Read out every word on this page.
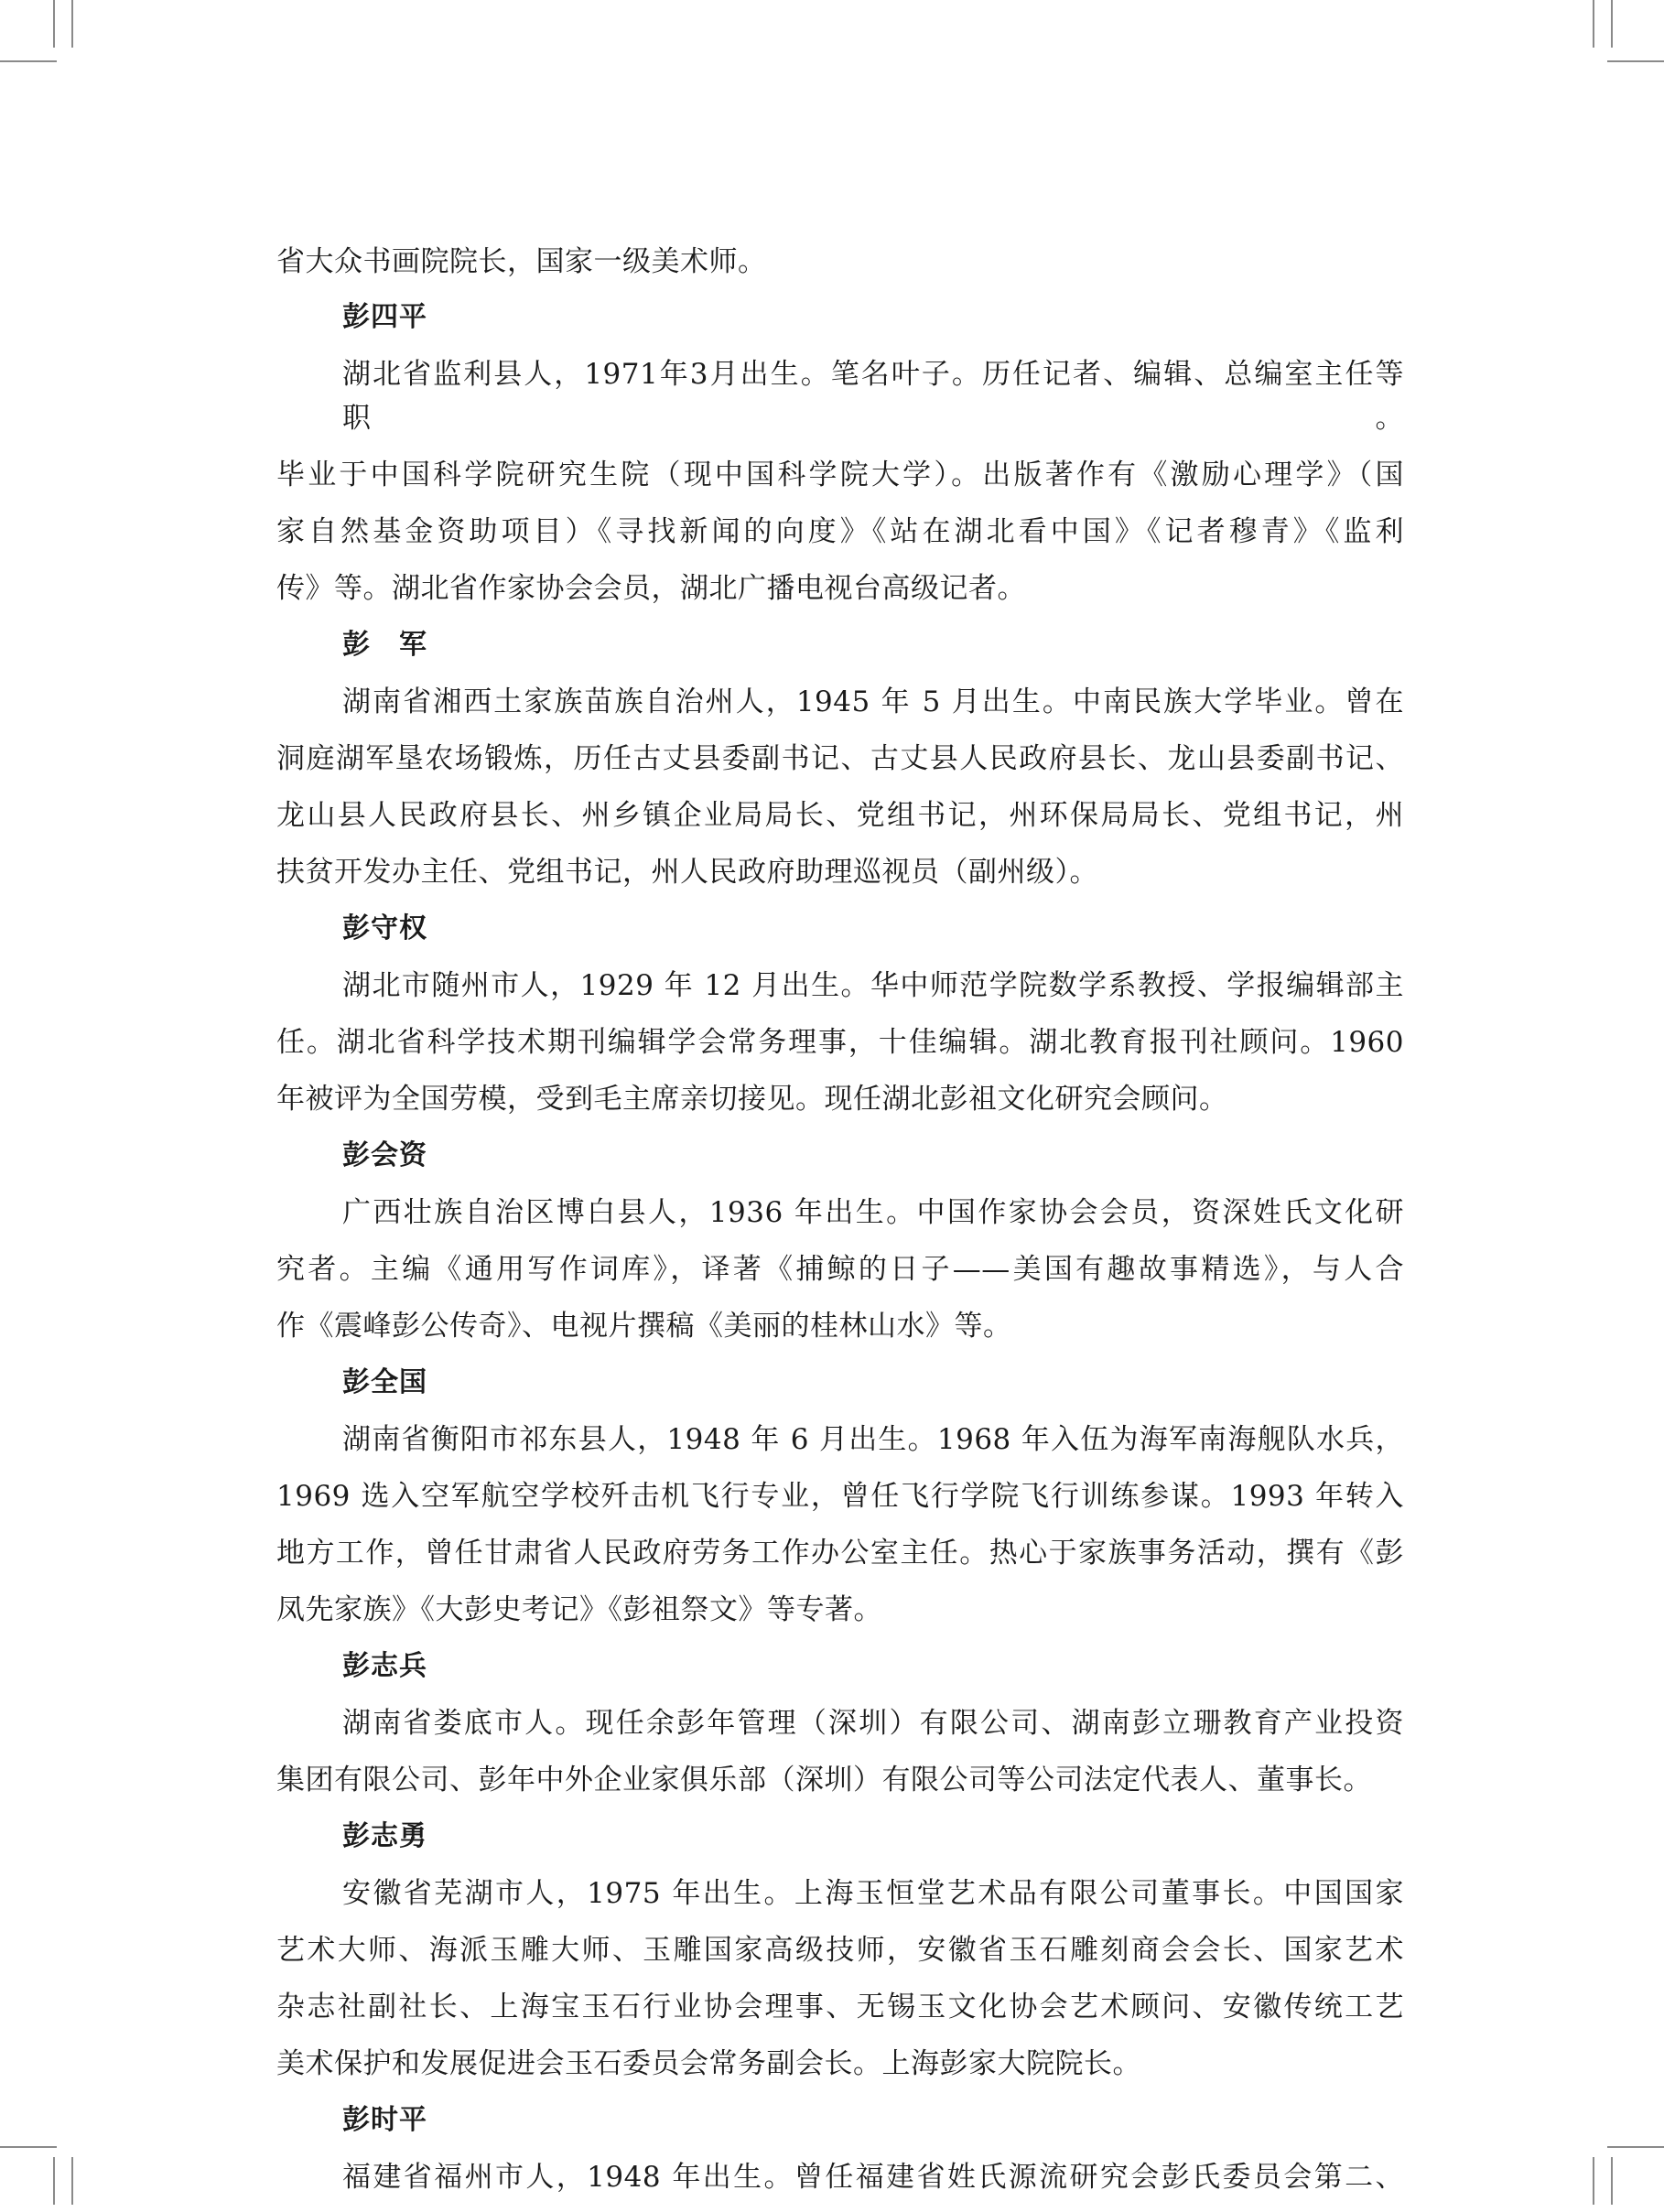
省大众书画院院长，国家一级美术师。

彭四平

湖北省监利县人，1971年3月出生。笔名叶子。历任记者、编辑、总编室主任等职。
毕业于中国科学院研究生院（现中国科学院大学）。出版著作有《激励心理学》（国
家自然基金资助项目）《寻找新闻的向度》《站在湖北看中国》《记者穆青》《监利
传》等。湖北省作家协会会员，湖北广播电视台高级记者。

彭　军

湖南省湘西土家族苗族自治州人，1945 年 5 月出生。中南民族大学毕业。曾在
洞庭湖军垦农场锻炼，历任古丈县委副书记、古丈县人民政府县长、龙山县委副书记、
龙山县人民政府县长、州乡镇企业局局长、党组书记，州环保局局长、党组书记，州
扶贫开发办主任、党组书记，州人民政府助理巡视员（副州级）。

彭守权

湖北市随州市人，1929 年 12 月出生。华中师范学院数学系教授、学报编辑部主
任。湖北省科学技术期刊编辑学会常务理事，十佳编辑。湖北教育报刊社顾问。1960
年被评为全国劳模，受到毛主席亲切接见。现任湖北彭祖文化研究会顾问。

彭会资

广西壮族自治区博白县人，1936 年出生。中国作家协会会员，资深姓氏文化研
究者。主编《通用写作词库》，译著《捕鲸的日子——美国有趣故事精选》，与人合
作《震峰彭公传奇》、电视片撰稿《美丽的桂林山水》等。

彭全国

湖南省衡阳市祁东县人，1948 年 6 月出生。1968 年入伍为海军南海舰队水兵，
1969 选入空军航空学校歼击机飞行专业，曾任飞行学院飞行训练参谋。1993 年转入
地方工作，曾任甘肃省人民政府劳务工作办公室主任。热心于家族事务活动，撰有《彭
凤先家族》《大彭史考记》《彭祖祭文》等专著。

彭志兵

湖南省娄底市人。现任余彭年管理（深圳）有限公司、湖南彭立珊教育产业投资
集团有限公司、彭年中外企业家俱乐部（深圳）有限公司等公司法定代表人、董事长。

彭志勇

安徽省芜湖市人，1975 年出生。上海玉恒堂艺术品有限公司董事长。中国国家
艺术大师、海派玉雕大师、玉雕国家高级技师，安徽省玉石雕刻商会会长、国家艺术
杂志社副社长、上海宝玉石行业协会理事、无锡玉文化协会艺术顾问、安徽传统工艺
美术保护和发展促进会玉石委员会常务副会长。上海彭家大院院长。

彭时平

福建省福州市人，1948 年出生。曾任福建省姓氏源流研究会彭氏委员会第二、
